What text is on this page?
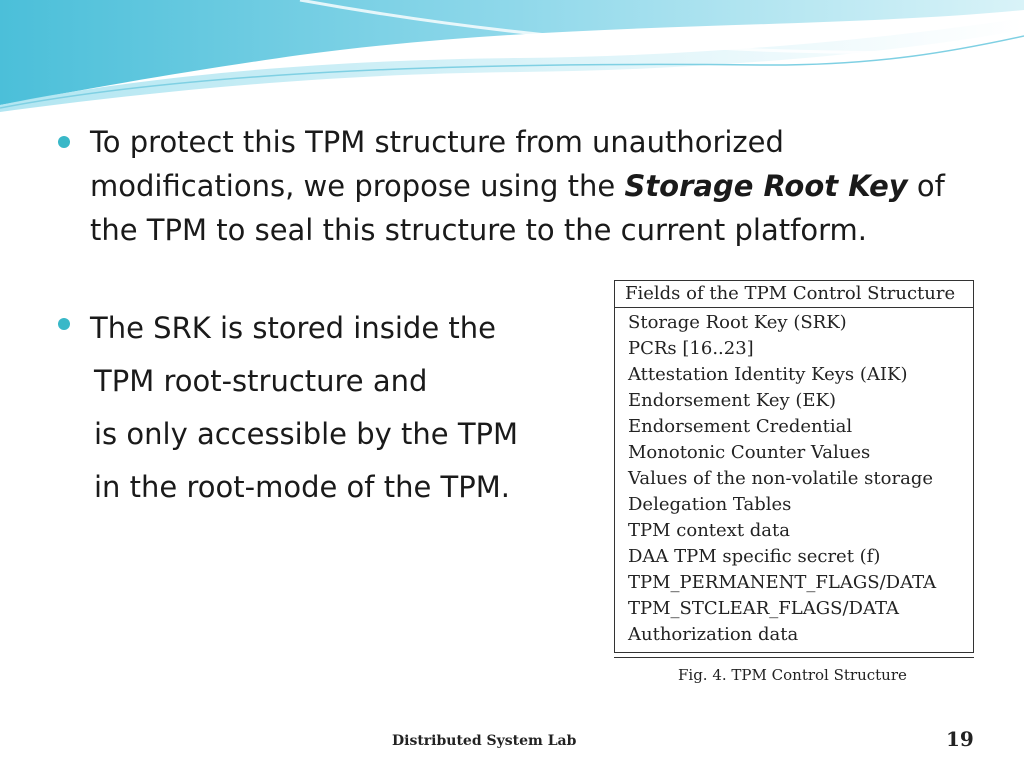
To protect this TPM structure from unauthorized modifications, we propose using the Storage Root Key of the TPM to seal this structure to the current platform.
The SRK is stored inside the
TPM root-structure and
is only accessible by the TPM
in the root-mode of the TPM.
Fields of the TPM Control Structure
Storage Root Key (SRK)
PCRs [16..23]
Attestation Identity Keys (AIK)
Endorsement Key (EK)
Endorsement Credential
Monotonic Counter Values
Values of the non-volatile storage
Delegation Tables
TPM context data
DAA TPM specific secret (f)
TPM_PERMANENT_FLAGS/DATA
TPM_STCLEAR_FLAGS/DATA
Authorization data
Fig. 4. TPM Control Structure
Distributed System Lab	19
